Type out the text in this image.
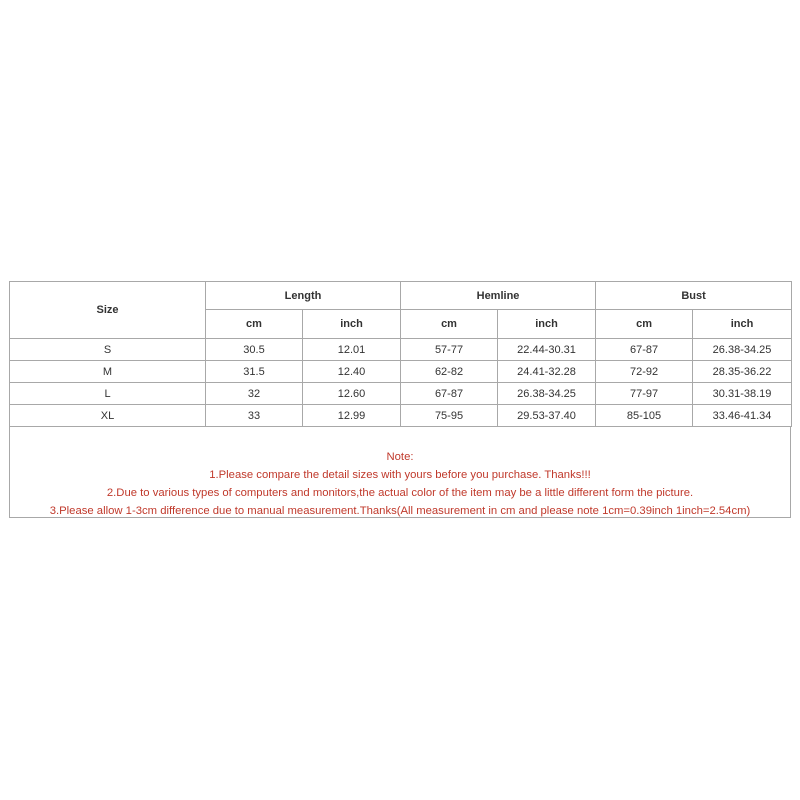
Size	Length		Hemline		Bust	
	cm	inch	cm	inch	cm	inch
S	30.5	12.01	57-77	22.44-30.31	67-87	26.38-34.25
M	31.5	12.40	62-82	24.41-32.28	72-92	28.35-36.22
L	32	12.60	67-87	26.38-34.25	77-97	30.31-38.19
XL	33	12.99	75-95	29.53-37.40	85-105	33.46-41.34
Note:
1.Please compare the detail sizes with yours before you purchase. Thanks!!!
2.Due to various types of computers and monitors,the actual color of the item may be a little different form the picture.
3.Please allow 1-3cm difference due to manual measurement.Thanks(All measurement in cm and please note 1cm=0.39inch 1inch=2.54cm)
